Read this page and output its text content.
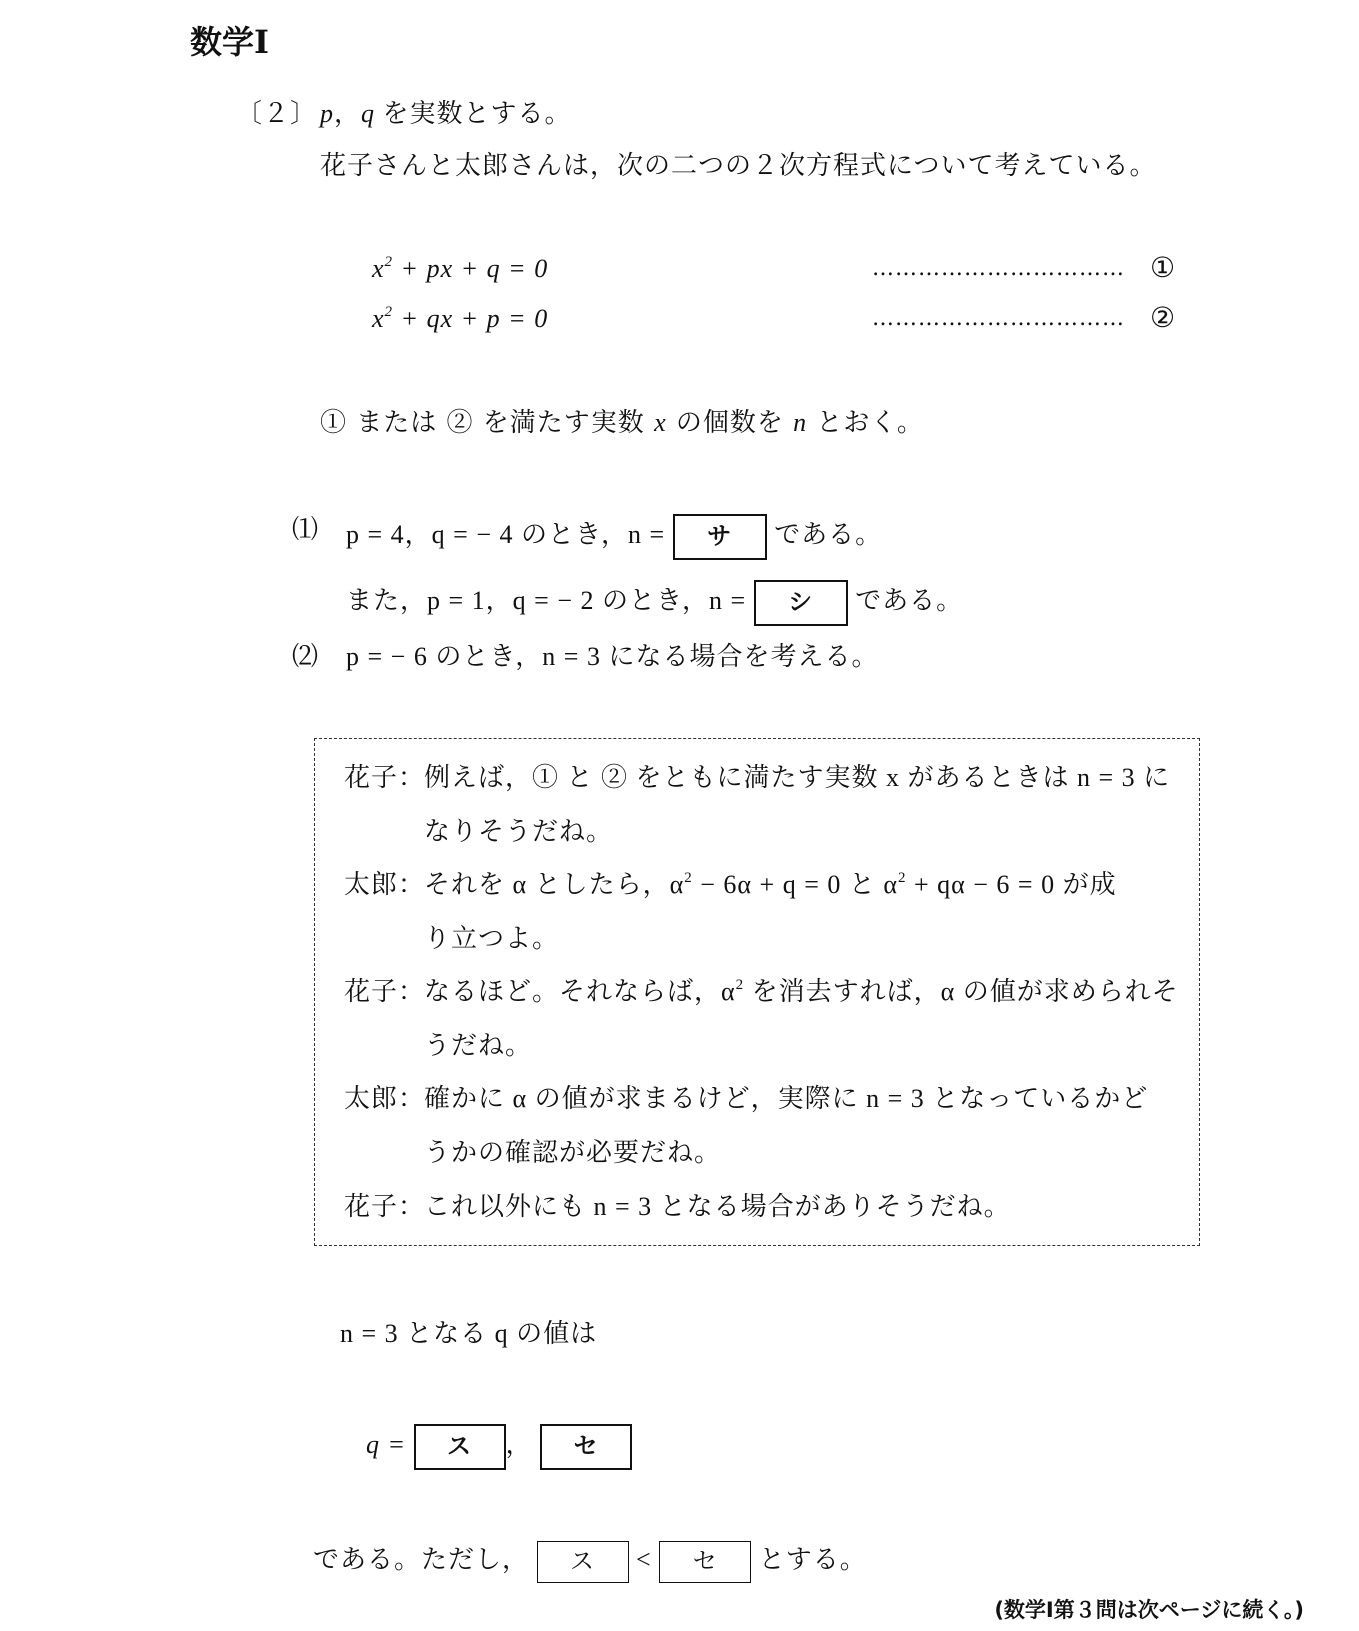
数学Ⅰ
〔２〕 p，q を実数とする。
花子さんと太郎さんは，次の二つの２次方程式について考えている。
$x^2$ + px + q = 0	…………………………… ①
$x^2$ + qx + p = 0	…………………………… ②
① または ② を満たす実数 x の個数を n とおく。
⑴ p = 4，q = − 4 のとき，n = サ である。
また，p = 1，q = − 2 のとき，n = シ である。
⑵ p = − 6 のとき，n = 3 になる場合を考える。
花子：
例えば，① と ② をともに満たす実数 x があるときは n = 3 に
なりそうだね。
太郎：
それを α としたら，$\alpha^2 - 6\alpha + q = 0$ と $\alpha^2 + q\alpha - 6 = 0$ が成
り立つよ。
花子：
なるほど。それならば，$\alpha^2$ を消去すれば，α の値が求められそ
うだね。
太郎：
確かに α の値が求まるけど，実際に n = 3 となっているかど
うかの確認が必要だね。
花子：
これ以外にも n = 3 となる場合がありそうだね。
n = 3 となる q の値は
q = ス ， セ
である。ただし， ス < セ とする。
(数学Ⅰ第３問は次ページに続く。)
